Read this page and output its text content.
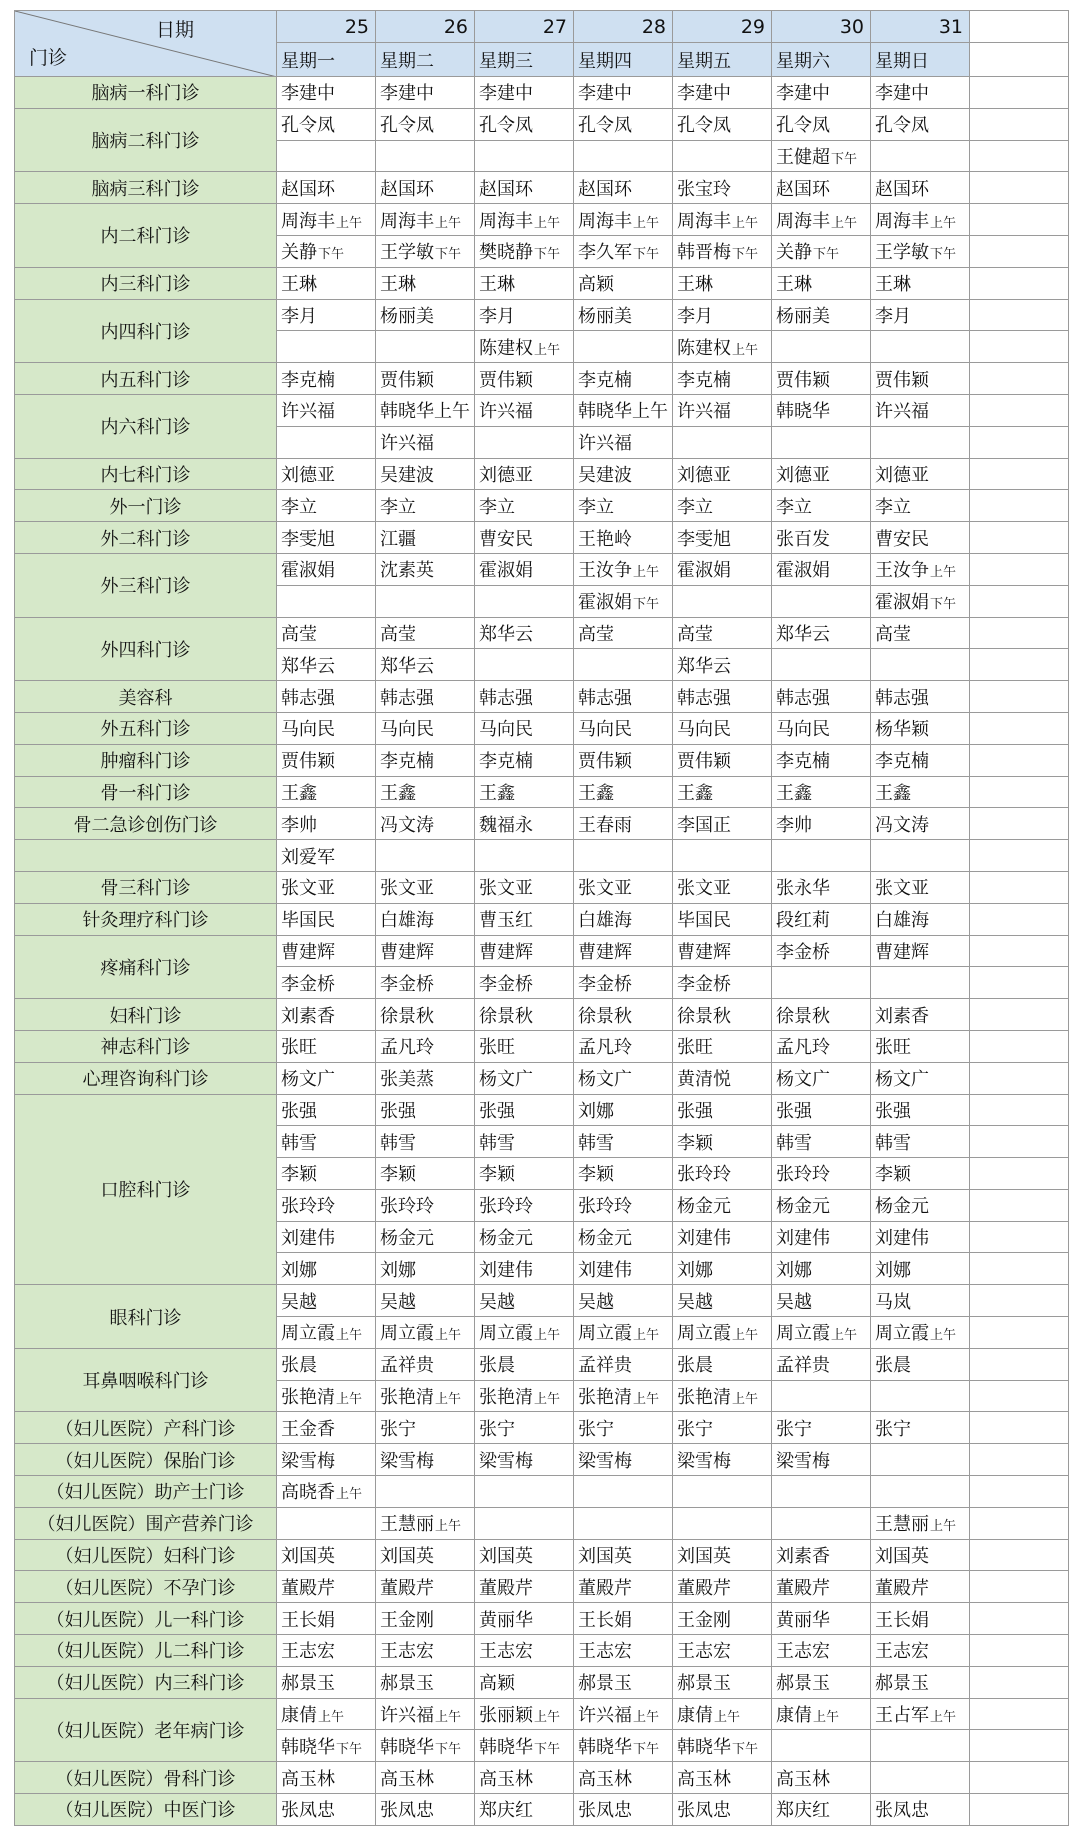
日期
门诊	25	26	27	28	29	30	31	
	星期一	星期二	星期三	星期四	星期五	星期六	星期日	
脑病一科门诊	李建中	李建中	李建中	李建中	李建中	李建中	李建中	
脑病二科门诊	孔令凤	孔令凤	孔令凤	孔令凤	孔令凤	孔令凤	孔令凤	
						王健超下午		
脑病三科门诊	赵国环	赵国环	赵国环	赵国环	张宝玲	赵国环	赵国环	
内二科门诊	周海丰上午	周海丰上午	周海丰上午	周海丰上午	周海丰上午	周海丰上午	周海丰上午	
	关静下午	王学敏下午	樊晓静下午	李久军下午	韩晋梅下午	关静下午	王学敏下午	
内三科门诊	王琳	王琳	王琳	高颖	王琳	王琳	王琳	
内四科门诊	李月	杨丽美	李月	杨丽美	李月	杨丽美	李月	
			陈建权上午		陈建权上午			
内五科门诊	李克楠	贾伟颖	贾伟颖	李克楠	李克楠	贾伟颖	贾伟颖	
内六科门诊	许兴福	韩晓华上午	许兴福	韩晓华上午	许兴福	韩晓华	许兴福	
		许兴福		许兴福				
内七科门诊	刘德亚	吴建波	刘德亚	吴建波	刘德亚	刘德亚	刘德亚	
外一门诊	李立	李立	李立	李立	李立	李立	李立	
外二科门诊	李雯旭	江疆	曹安民	王艳岭	李雯旭	张百发	曹安民	
外三科门诊	霍淑娟	沈素英	霍淑娟	王汝争上午	霍淑娟	霍淑娟	王汝争上午	
				霍淑娟下午			霍淑娟下午	
外四科门诊	高莹	高莹	郑华云	高莹	高莹	郑华云	高莹	
	郑华云	郑华云			郑华云			
美容科	韩志强	韩志强	韩志强	韩志强	韩志强	韩志强	韩志强	
外五科门诊	马向民	马向民	马向民	马向民	马向民	马向民	杨华颖	
肿瘤科门诊	贾伟颖	李克楠	李克楠	贾伟颖	贾伟颖	李克楠	李克楠	
骨一科门诊	王鑫	王鑫	王鑫	王鑫	王鑫	王鑫	王鑫	
骨二急诊创伤门诊	李帅	冯文涛	魏福永	王春雨	李国正	李帅	冯文涛	
	刘爱军							
骨三科门诊	张文亚	张文亚	张文亚	张文亚	张文亚	张永华	张文亚	
针灸理疗科门诊	毕国民	白雄海	曹玉红	白雄海	毕国民	段红莉	白雄海	
疼痛科门诊	曹建辉	曹建辉	曹建辉	曹建辉	曹建辉	李金桥	曹建辉	
	李金桥	李金桥	李金桥	李金桥	李金桥			
妇科门诊	刘素香	徐景秋	徐景秋	徐景秋	徐景秋	徐景秋	刘素香	
神志科门诊	张旺	孟凡玲	张旺	孟凡玲	张旺	孟凡玲	张旺	
心理咨询科门诊	杨文广	张美蒸	杨文广	杨文广	黄清悦	杨文广	杨文广	
口腔科门诊	张强	张强	张强	刘娜	张强	张强	张强	
	韩雪	韩雪	韩雪	韩雪	李颖	韩雪	韩雪	
	李颖	李颖	李颖	李颖	张玲玲	张玲玲	李颖	
	张玲玲	张玲玲	张玲玲	张玲玲	杨金元	杨金元	杨金元	
	刘建伟	杨金元	杨金元	杨金元	刘建伟	刘建伟	刘建伟	
	刘娜	刘娜	刘建伟	刘建伟	刘娜	刘娜	刘娜	
眼科门诊	吴越	吴越	吴越	吴越	吴越	吴越	马岚	
	周立霞上午	周立霞上午	周立霞上午	周立霞上午	周立霞上午	周立霞上午	周立霞上午	
耳鼻咽喉科门诊	张晨	孟祥贵	张晨	孟祥贵	张晨	孟祥贵	张晨	
	张艳清上午	张艳清上午	张艳清上午	张艳清上午	张艳清上午			
（妇儿医院）产科门诊	王金香	张宁	张宁	张宁	张宁	张宁	张宁	
（妇儿医院）保胎门诊	梁雪梅	梁雪梅	梁雪梅	梁雪梅	梁雪梅	梁雪梅		
（妇儿医院）助产士门诊	高晓香上午							
（妇儿医院）围产营养门诊		王慧丽上午					王慧丽上午	
（妇儿医院）妇科门诊	刘国英	刘国英	刘国英	刘国英	刘国英	刘素香	刘国英	
（妇儿医院）不孕门诊	董殿芹	董殿芹	董殿芹	董殿芹	董殿芹	董殿芹	董殿芹	
（妇儿医院）儿一科门诊	王长娟	王金刚	黄丽华	王长娟	王金刚	黄丽华	王长娟	
（妇儿医院）儿二科门诊	王志宏	王志宏	王志宏	王志宏	王志宏	王志宏	王志宏	
（妇儿医院）内三科门诊	郝景玉	郝景玉	高颖	郝景玉	郝景玉	郝景玉	郝景玉	
（妇儿医院）老年病门诊	康倩上午	许兴福上午	张丽颖上午	许兴福上午	康倩上午	康倩上午	王占军上午	
	韩晓华下午	韩晓华下午	韩晓华下午	韩晓华下午	韩晓华下午			
（妇儿医院）骨科门诊	高玉林	高玉林	高玉林	高玉林	高玉林	高玉林		
（妇儿医院）中医门诊	张凤忠	张凤忠	郑庆红	张凤忠	张凤忠	郑庆红	张凤忠	
